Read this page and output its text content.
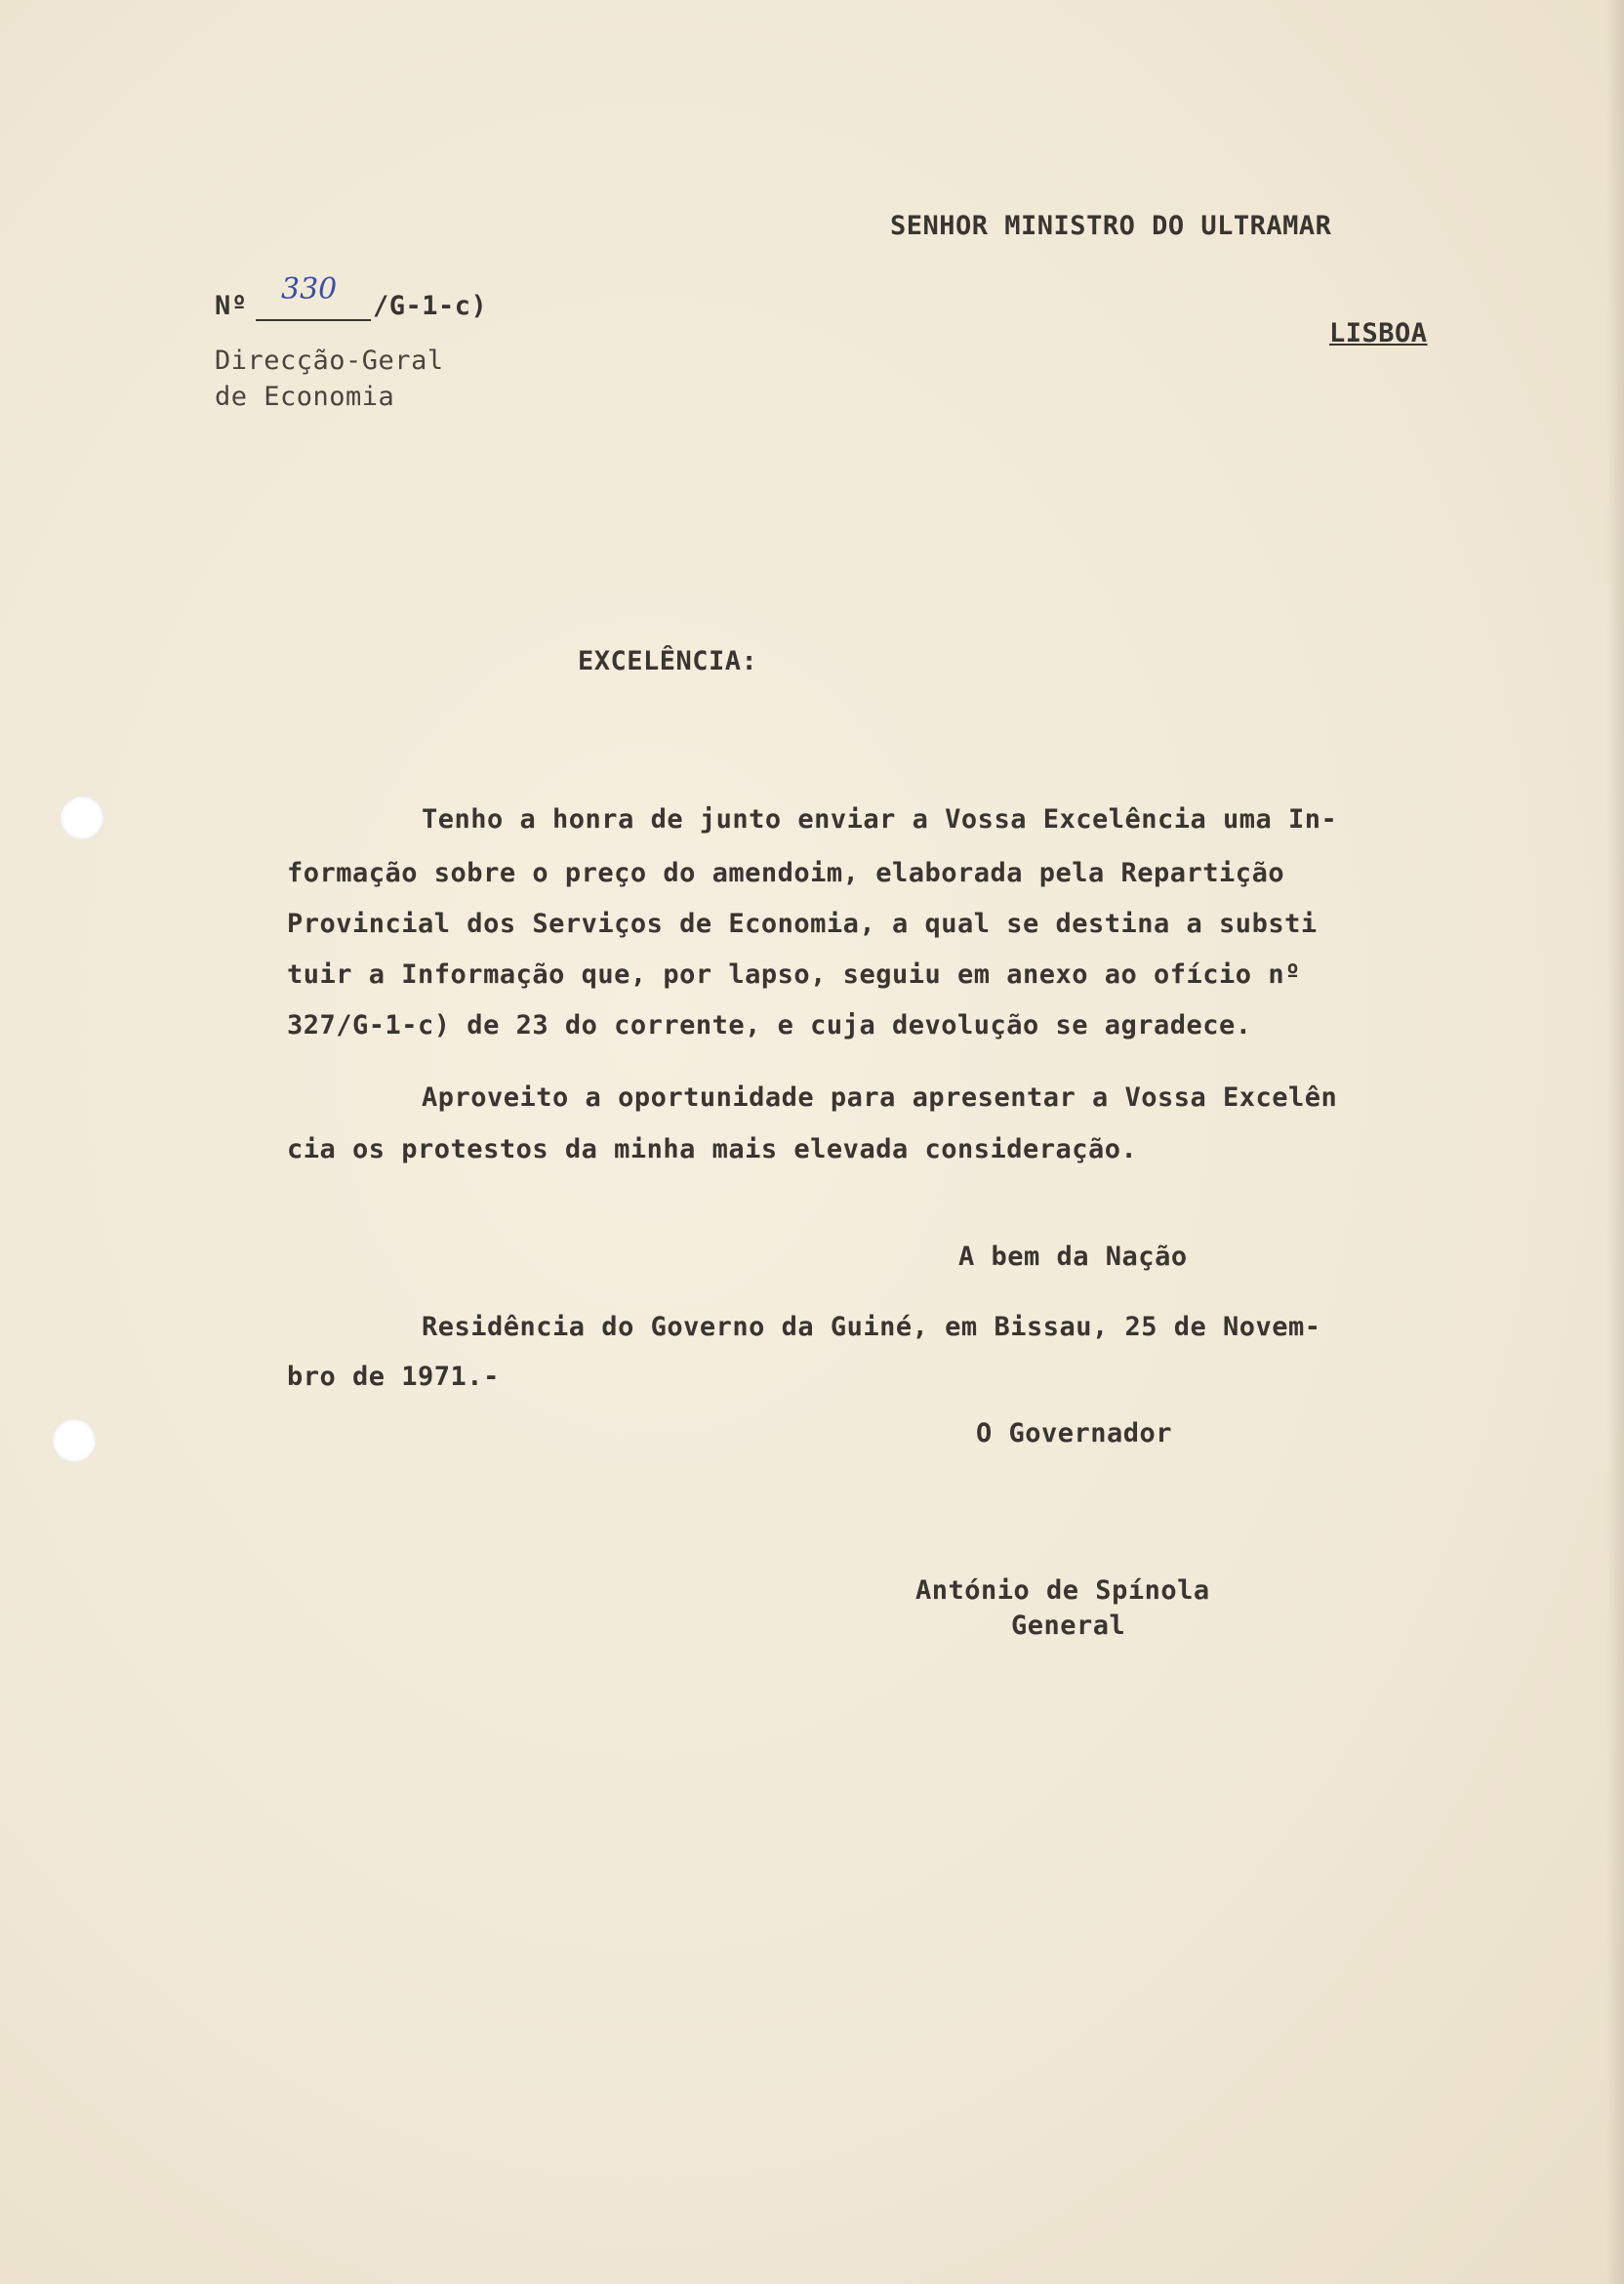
SENHOR MINISTRO DO ULTRAMAR
LISBOA
Nº 330 /G-1-c)
Direcção-Geral
de Economia
EXCELÊNCIA:
Tenho a honra de junto enviar a Vossa Excelência uma In-
formação sobre o preço do amendoim, elaborada pela Repartição
Provincial dos Serviços de Economia, a qual se destina a substi
tuir a Informação que, por lapso, seguiu em anexo ao ofício nº
327/G-1-c) de 23 do corrente, e cuja devolução se agradece.
Aproveito a oportunidade para apresentar a Vossa Excelên
cia os protestos da minha mais elevada consideração.
A bem da Nação
Residência do Governo da Guiné, em Bissau, 25 de Novem-
bro de 1971.-
O Governador
António de Spínola
General
